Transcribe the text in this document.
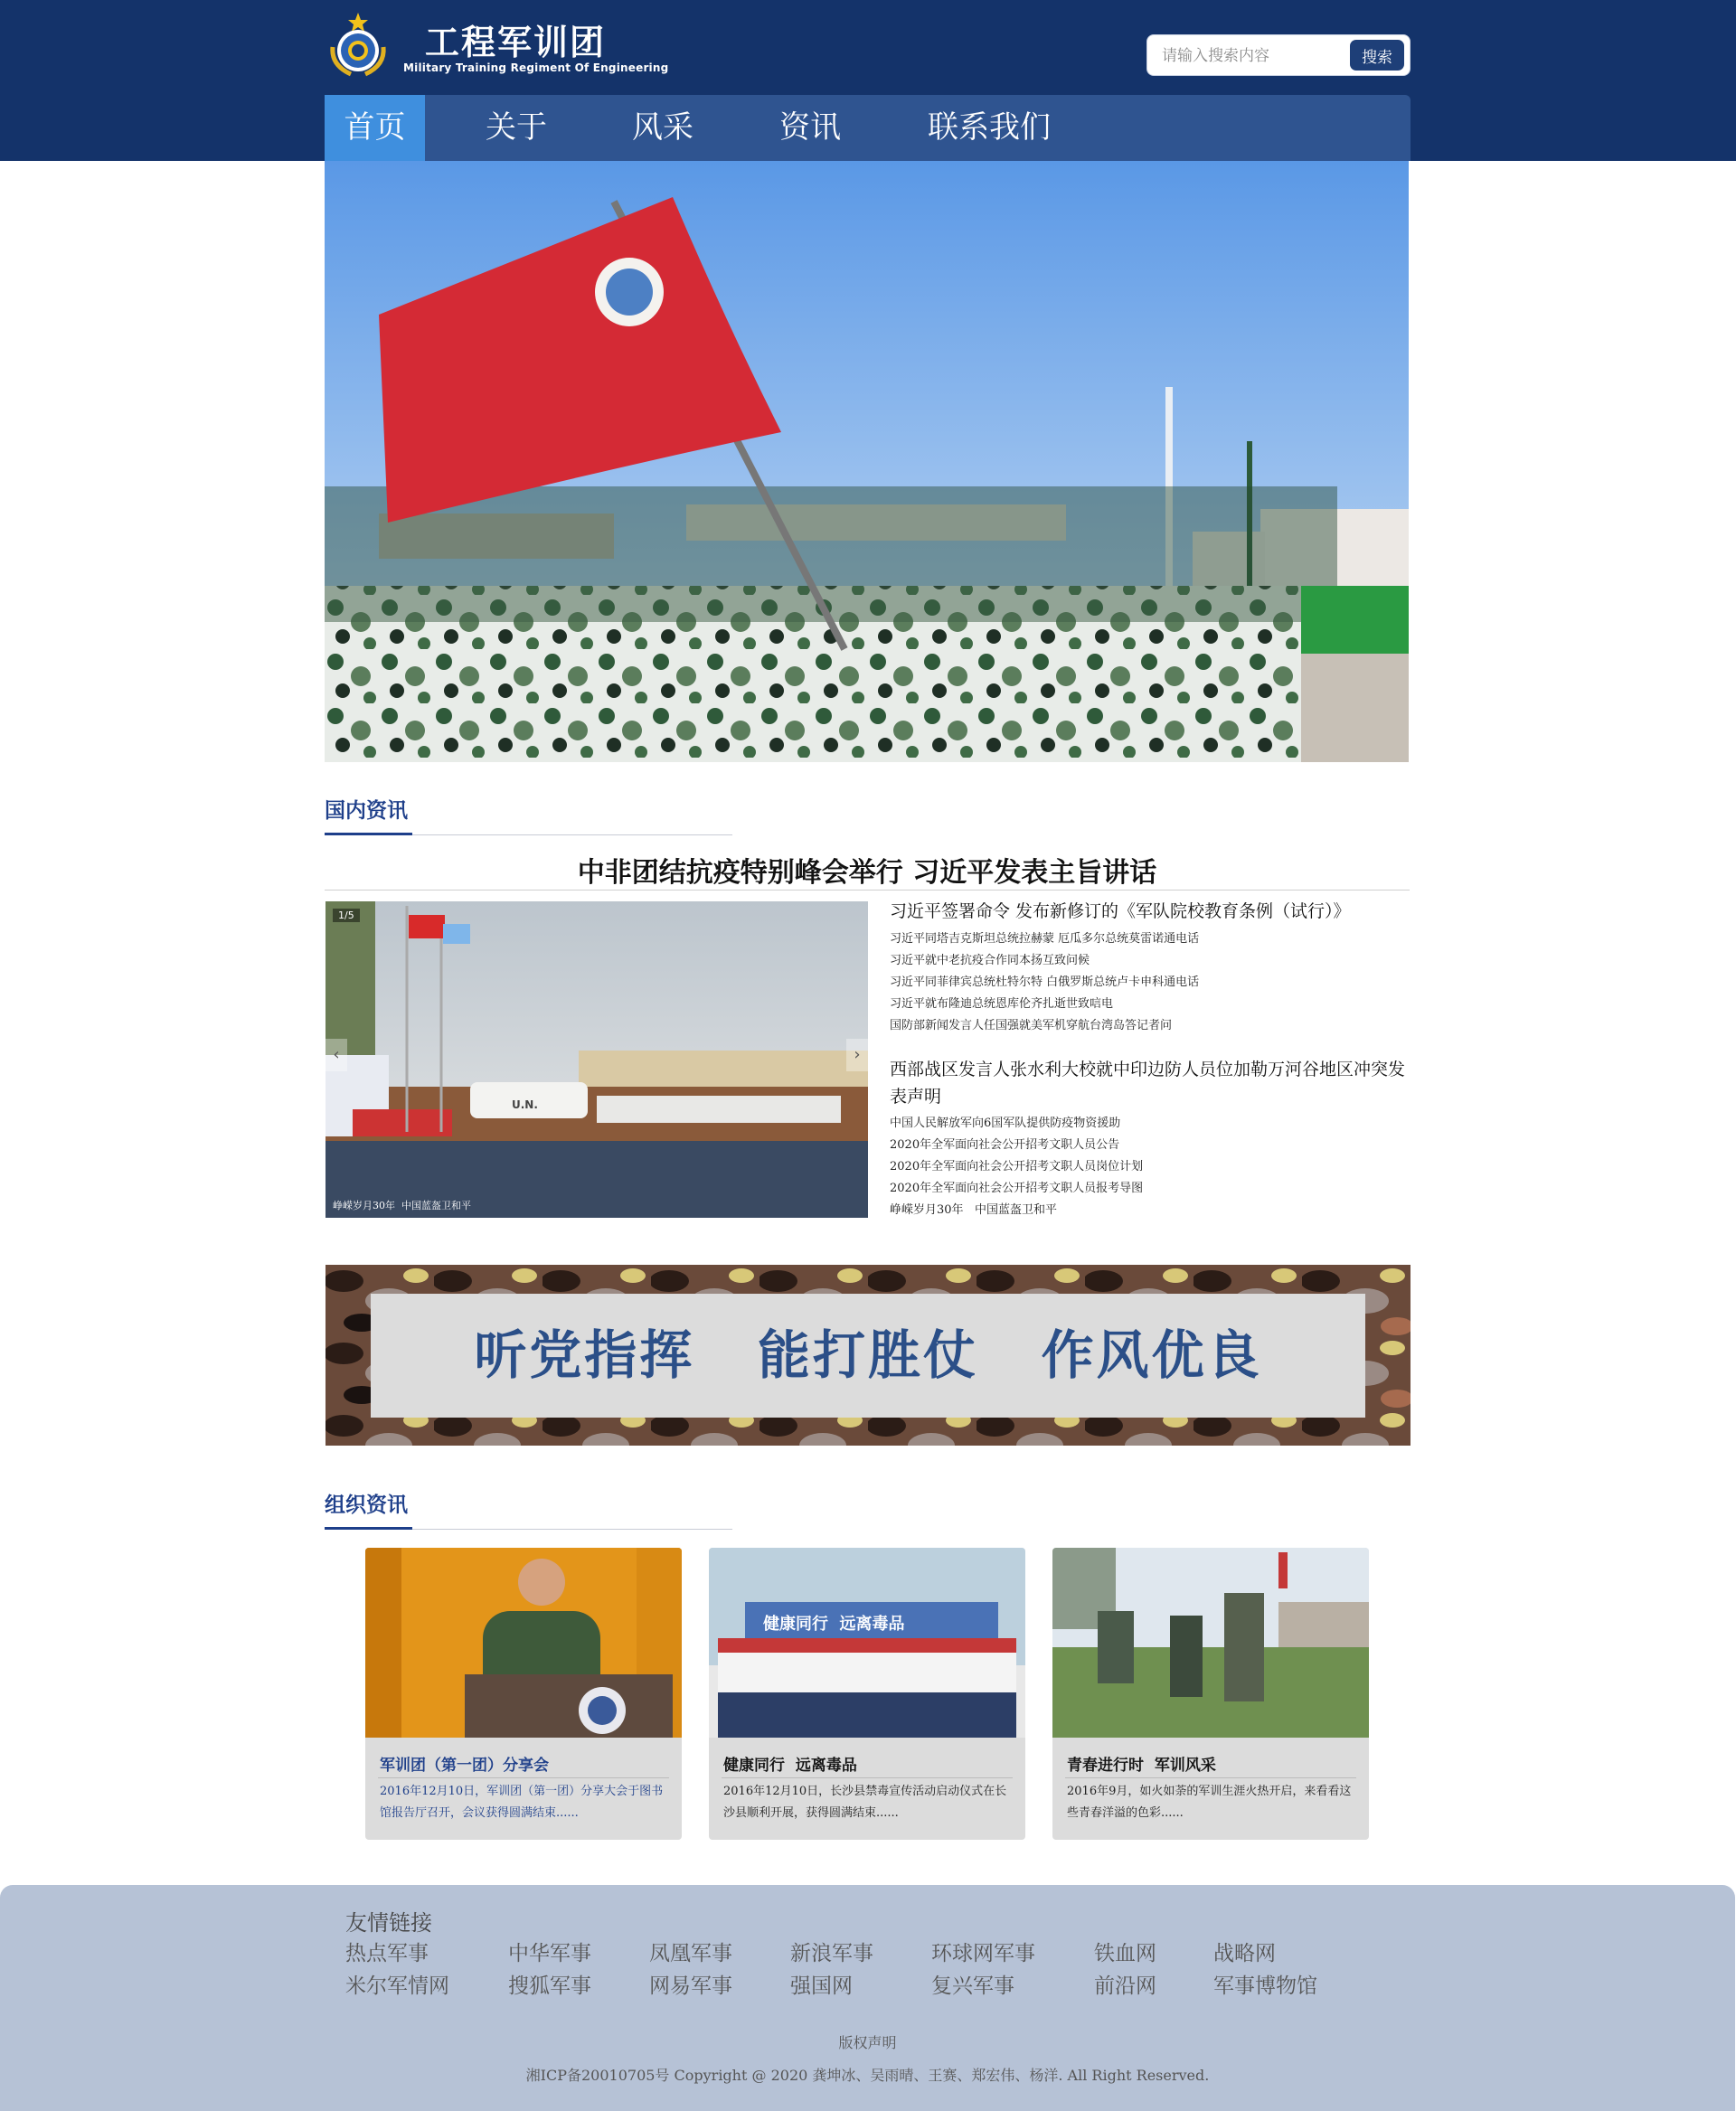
工程军训团
Military Training Regiment Of Engineering
请输入搜索内容
搜索
首页	关于	风采	资讯	联系我们
国内资讯
中非团结抗疫特别峰会举行 习近平发表主旨讲话
1/5
‹	›
峥嵘岁月30年  中国蓝盔卫和平
U.N.
习近平签署命令 发布新修订的《军队院校教育条例（试行）》
习近平同塔吉克斯坦总统拉赫蒙 厄瓜多尔总统莫雷诺通电话
习近平就中老抗疫合作同本扬互致问候
习近平同菲律宾总统杜特尔特 白俄罗斯总统卢卡申科通电话
习近平就布隆迪总统恩库伦齐扎逝世致唁电
国防部新闻发言人任国强就美军机穿航台湾岛答记者问
西部战区发言人张水利大校就中印边防人员位加勒万河谷地区冲突发表声明
中国人民解放军向6国军队提供防疫物资援助
2020年全军面向社会公开招考文职人员公告
2020年全军面向社会公开招考文职人员岗位计划
2020年全军面向社会公开招考文职人员报考导图
峥嵘岁月30年   中国蓝盔卫和平
听党指挥   能打胜仗   作风优良
组织资讯
军训团（第一团）分享会
2016年12月10日，军训团（第一团）分享大会于图书馆报告厅召开，会议获得圆满结束......
健康同行  远离毒品
健康同行  远离毒品
2016年12月10日，长沙县禁毒宣传活动启动仪式在长沙县顺利开展，获得圆满结束......
青春进行时  军训风采
2016年9月，如火如荼的军训生涯火热开启，来看看这些青春洋溢的色彩......
友情链接
热点军事	中华军事	凤凰军事	新浪军事	环球网军事	铁血网	战略网
米尔军情网	搜狐军事	网易军事	强国网	复兴军事	前沿网	军事博物馆
版权声明
湘ICP备20010705号 Copyright @ 2020 龚坤冰、吴雨晴、王赛、郑宏伟、杨洋. All Right Reserved.
